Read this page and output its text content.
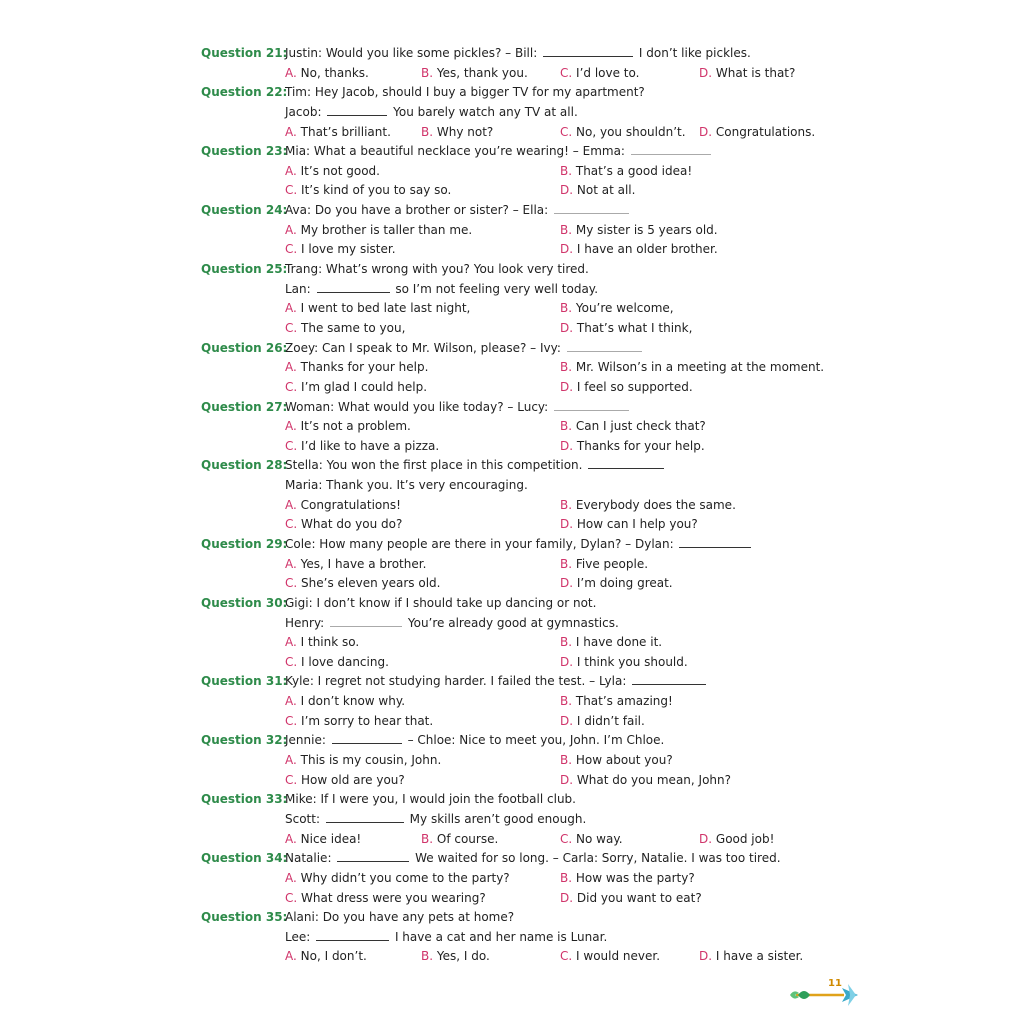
Question 21:
Justin: Would you like some pickles? – Bill:	I don’t like pickles.
A. No, thanks.	B. Yes, thank you.	C. I’d love to.	D. What is that?
Question 22:
Tim: Hey Jacob, should I buy a bigger TV for my apartment?
Jacob:	You barely watch any TV at all.
A. That’s brilliant.	B. Why not?	C. No, you shouldn’t. D. Congratulations.
Question 23:
Mia: What a beautiful necklace you’re wearing! – Emma:
A. It’s not good.	B. That’s a good idea!
C. It’s kind of you to say so.	D. Not at all.
Question 24:
Ava: Do you have a brother or sister? – Ella:
A. My brother is taller than me.	B. My sister is 5 years old.
C. I love my sister.	D. I have an older brother.
Question 25:
Trang: What’s wrong with you? You look very tired.
Lan:	so I’m not feeling very well today.
A. I went to bed late last night,	B. You’re welcome,
C. The same to you,	D. That’s what I think,
Question 26:
Zoey: Can I speak to Mr. Wilson, please? – Ivy:
A. Thanks for your help.	B. Mr. Wilson’s in a meeting at the moment.
C. I’m glad I could help.	D. I feel so supported.
Question 27:
Woman: What would you like today? – Lucy:
A. It’s not a problem.	B. Can I just check that?
C. I’d like to have a pizza.	D. Thanks for your help.
Question 28:
Stella: You won the first place in this competition.
Maria: Thank you. It’s very encouraging.
A. Congratulations!	B. Everybody does the same.
C. What do you do?	D. How can I help you?
Question 29:
Cole: How many people are there in your family, Dylan? – Dylan:
A. Yes, I have a brother.	B. Five people.
C. She’s eleven years old.	D. I’m doing great.
Question 30:
Gigi: I don’t know if I should take up dancing or not.
Henry:	You’re already good at gymnastics.
A. I think so.	B. I have done it.
C. I love dancing.	D. I think you should.
Question 31:
Kyle: I regret not studying harder. I failed the test. – Lyla:
A. I don’t know why.	B. That’s amazing!
C. I’m sorry to hear that.	D. I didn’t fail.
Question 32:
Jennie:	– Chloe: Nice to meet you, John. I’m Chloe.
A. This is my cousin, John.	B. How about you?
C. How old are you?	D. What do you mean, John?
Question 33:
Mike: If I were you, I would join the football club.
Scott:	My skills aren’t good enough.
A. Nice idea!	B. Of course.	C. No way.	D. Good job!
Question 34:
Natalie:	We waited for so long. – Carla: Sorry, Natalie. I was too tired.
A. Why didn’t you come to the party?	B. How was the party?
C. What dress were you wearing?	D. Did you want to eat?
Question 35:
Alani: Do you have any pets at home?
Lee:	I have a cat and her name is Lunar.
A. No, I don’t.	B. Yes, I do.	C. I would never.	D. I have a sister.
11
